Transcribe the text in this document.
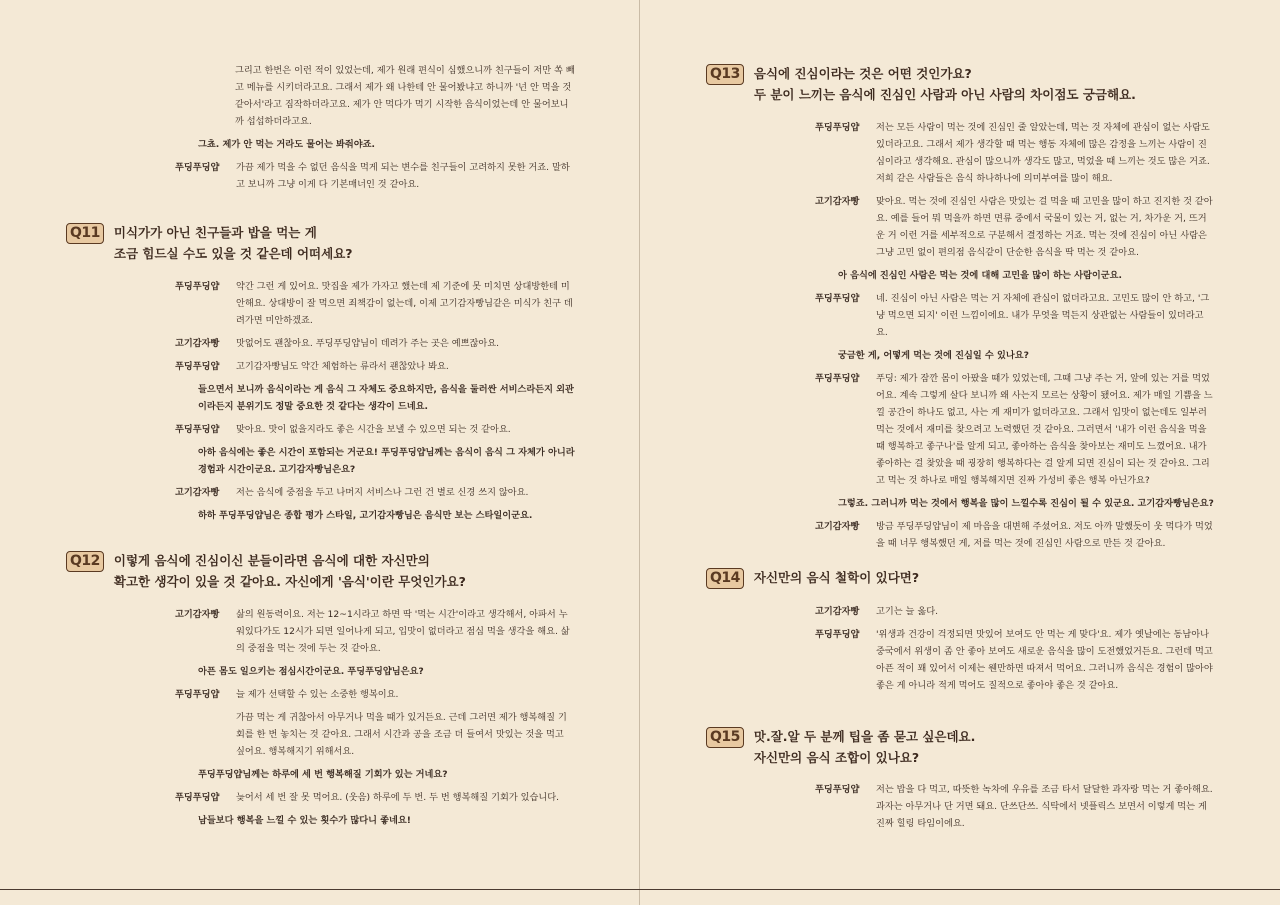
그리고 한번은 이런 적이 있었는데, 제가 원래 편식이 심했으니까 친구들이 저만 쏙 빼고 메뉴를 시키더라고요. 그래서 제가 왜 나한테 안 물어봤냐고 하니까 '넌 안 먹을 것 같아서'라고 짐작하더라고요. 제가 안 먹다가 먹기 시작한 음식이었는데 안 물어보니까 섭섭하더라고요.
그쵸. 제가 안 먹는 거라도 물어는 봐줘야죠.
푸딩푸딩얍	가끔 제가 먹을 수 없던 음식을 먹게 되는 변수를 친구들이 고려하지 못한 거죠. 말하고 보니까 그냥 이게 다 기본매너인 것 같아요.
Q11	미식가가 아닌 친구들과 밥을 먹는 게
조금 힘드실 수도 있을 것 같은데 어떠세요?
푸딩푸딩얍	약간 그런 게 있어요. 맛집을 제가 가자고 했는데 제 기준에 못 미치면 상대방한테 미안해요. 상대방이 잘 먹으면 죄책감이 없는데, 이제 고기감자빵님같은 미식가 친구 데려가면 미안하겠죠.
고기감자빵	맛없어도 괜찮아요. 푸딩푸딩얍님이 데려가 주는 곳은 예쁘잖아요.
푸딩푸딩얍	고기감자빵님도 약간 체험하는 류라서 괜찮았나 봐요.
들으면서 보니까 음식이라는 게 음식 그 자체도 중요하지만, 음식을 둘러싼 서비스라든지 외관이라든지 분위기도 정말 중요한 것 같다는 생각이 드네요.
푸딩푸딩얍	맞아요. 맛이 없을지라도 좋은 시간을 보낼 수 있으면 되는 것 같아요.
아하 음식에는 좋은 시간이 포함되는 거군요! 푸딩푸딩얍님께는 음식이 음식 그 자체가 아니라 경험과 시간이군요. 고기감자빵님은요?
고기감자빵	저는 음식에 중점을 두고 나머지 서비스나 그런 건 별로 신경 쓰지 않아요.
하하 푸딩푸딩얍님은 종합 평가 스타일, 고기감자빵님은 음식만 보는 스타일이군요.
Q12	이렇게 음식에 진심이신 분들이라면 음식에 대한 자신만의
확고한 생각이 있을 것 같아요. 자신에게 '음식'이란 무엇인가요?
고기감자빵	삶의 원동력이요. 저는 12~1시라고 하면 딱 '먹는 시간'이라고 생각해서, 아파서 누워있다가도 12시가 되면 일어나게 되고, 입맛이 없더라고 점심 먹을 생각을 해요. 삶의 중점을 먹는 것에 두는 것 같아요.
아픈 몸도 일으키는 점심시간이군요. 푸딩푸딩얍님은요?
푸딩푸딩얍	늘 제가 선택할 수 있는 소중한 행복이요.
가끔 먹는 게 귀찮아서 아무거나 먹을 때가 있거든요. 근데 그러면 제가 행복해질 기회를 한 번 놓치는 것 같아요. 그래서 시간과 공을 조금 더 들여서 맛있는 것을 먹고 싶어요. 행복해지기 위해서요.
푸딩푸딩얍님께는 하루에 세 번 행복해질 기회가 있는 거네요?
푸딩푸딩얍	늦어서 세 번 잘 못 먹어요. (웃음) 하루에 두 번. 두 번 행복해질 기회가 있습니다.
남들보다 행복을 느낄 수 있는 횟수가 많다니 좋네요!
Q13	음식에 진심이라는 것은 어떤 것인가요?
두 분이 느끼는 음식에 진심인 사람과 아닌 사람의 차이점도 궁금해요.
푸딩푸딩얍	저는 모든 사람이 먹는 것에 진심인 줄 알았는데, 먹는 것 자체에 관심이 없는 사람도 있더라고요. 그래서 제가 생각할 때 먹는 행동 자체에 많은 감정을 느끼는 사람이 진심이라고 생각해요. 관심이 많으니까 생각도 많고, 먹었을 때 느끼는 것도 많은 거죠. 저희 같은 사람들은 음식 하나하나에 의미부여를 많이 해요.
고기감자빵	맞아요. 먹는 것에 진심인 사람은 맛있는 걸 먹을 때 고민을 많이 하고 진지한 것 같아요. 예를 들어 뭐 먹을까 하면 면류 중에서 국물이 있는 거, 없는 거, 차가운 거, 뜨거운 거 이런 거를 세부적으로 구분해서 결정하는 거죠. 먹는 것에 진심이 아닌 사람은 그냥 고민 없이 편의점 음식같이 단순한 음식을 딱 먹는 것 같아요.
아 음식에 진심인 사람은 먹는 것에 대해 고민을 많이 하는 사람이군요.
푸딩푸딩얍	네. 진심이 아닌 사람은 먹는 거 자체에 관심이 없더라고요. 고민도 많이 안 하고, '그냥 먹으면 되지' 이런 느낌이에요. 내가 무엇을 먹든지 상관없는 사람들이 있더라고요.
궁금한 게, 어떻게 먹는 것에 진심일 수 있나요?
푸딩푸딩얍	푸딩: 제가 잠깐 몸이 아팠을 때가 있었는데, 그때 그냥 주는 거, 앞에 있는 거를 먹었어요. 계속 그렇게 살다 보니까 왜 사는지 모르는 상황이 됐어요. 제가 매일 기쁨을 느낄 공간이 하나도 없고, 사는 게 재미가 없더라고요. 그래서 입맛이 없는데도 일부러 먹는 것에서 재미를 찾으려고 노력했던 것 같아요. 그러면서 '내가 이런 음식을 먹을 때 행복하고 좋구나'를 알게 되고, 좋아하는 음식을 찾아보는 재미도 느꼈어요. 내가 좋아하는 걸 찾았을 때 굉장히 행복하다는 걸 알게 되면 진심이 되는 것 같아요. 그리고 먹는 것 하나로 매일 행복해지면 진짜 가성비 좋은 행복 아닌가요?
그렇죠. 그러니까 먹는 것에서 행복을 많이 느낄수록 진심이 될 수 있군요. 고기감자빵님은요?
고기감자빵	방금 푸딩푸딩얍님이 제 마음을 대변해 주셨어요. 저도 아까 말했듯이 웃 먹다가 먹었을 때 너무 행복했던 게, 저를 먹는 것에 진심인 사람으로 만든 것 같아요.
Q14	자신만의 음식 철학이 있다면?
고기감자빵	고기는 늘 옳다.
푸딩푸딩얍	'위생과 건강이 걱정되면 맛있어 보여도 안 먹는 게 맞다'요. 제가 옛날에는 동남아나 중국에서 위생이 좀 안 좋아 보여도 새로운 음식을 많이 도전했었거든요. 그런데 먹고 아픈 적이 꽤 있어서 이제는 웬만하면 따져서 먹어요. 그러니까 음식은 경험이 많아야 좋은 게 아니라 적게 먹어도 질적으로 좋아야 좋은 것 같아요.
Q15	맛.잘.알 두 분께 팁을 좀 묻고 싶은데요.
자신만의 음식 조합이 있나요?
푸딩푸딩얍	저는 밥을 다 먹고, 따뜻한 녹차에 우유를 조금 타서 달달한 과자랑 먹는 거 좋아해요. 과자는 아무거나 단 거면 돼요. 단쓰단쓰. 식탁에서 넷플릭스 보면서 이렇게 먹는 게 진짜 힐링 타임이에요.
